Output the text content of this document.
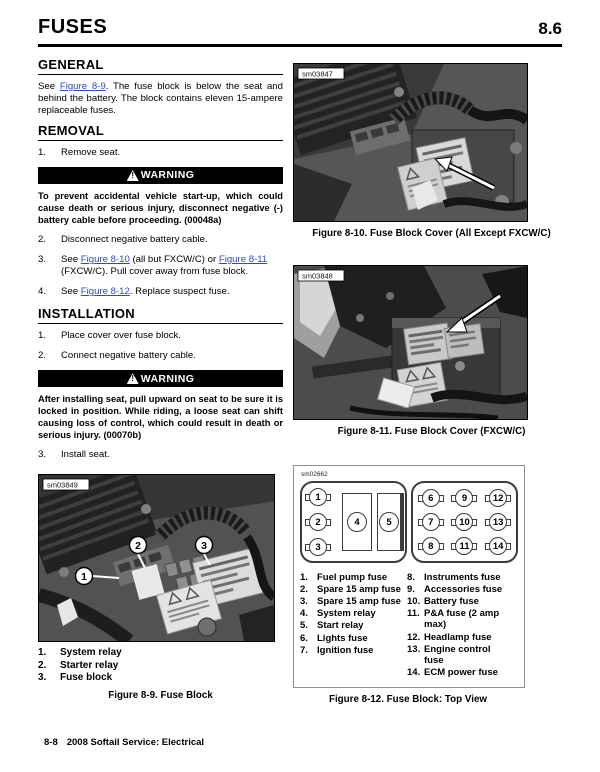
FUSES	8.6
GENERAL

See Figure 8-9. The fuse block is below the seat and behind the battery. The block contains eleven 15-ampere replaceable fuses.

REMOVAL
1.	Remove seat.
!
WARNING

To prevent accidental vehicle start-up, which could cause death or serious injury, disconnect negative (-) battery cable before proceeding. (00048a)

2.	Disconnect negative battery cable.
3.	See Figure 8-10 (all but FXCW/C) or Figure 8-11 (FXCW/C). Pull cover away from fuse block.
4.	See Figure 8-12. Replace suspect fuse.
INSTALLATION
1.	Place cover over fuse block.
2.	Connect negative battery cable.
!
WARNING

After installing seat, pull upward on seat to be sure it is locked in position. While riding, a loose seat can shift causing loss of control, which could result in death or serious injury. (00070b)

3.	Install seat.
1
2	3
sm03849
1.	System relay
2.	Starter relay
3.	Fuse block
Figure 8-9. Fuse Block
sm03847
Figure 8-10. Fuse Block Cover (All Except FXCW/C)
sm03848
Figure 8-11. Fuse Block Cover (FXCW/C)
sm02662
1
2
3
4	5
6	9	12
7	10	13
8	11	14
1. Fuel pump fuse
2. Spare 15 amp fuse
3. Spare 15 amp fuse
4. System relay
5. Start relay
6. Lights fuse
7. Ignition fuse
8. Instruments fuse
9. Accessories fuse
10. Battery fuse
11. P&A fuse (2 amp max)
12. Headlamp fuse
13. Engine control fuse
14. ECM power fuse
Figure 8-12. Fuse Block: Top View
8-8 2008 Softail Service: Electrical
